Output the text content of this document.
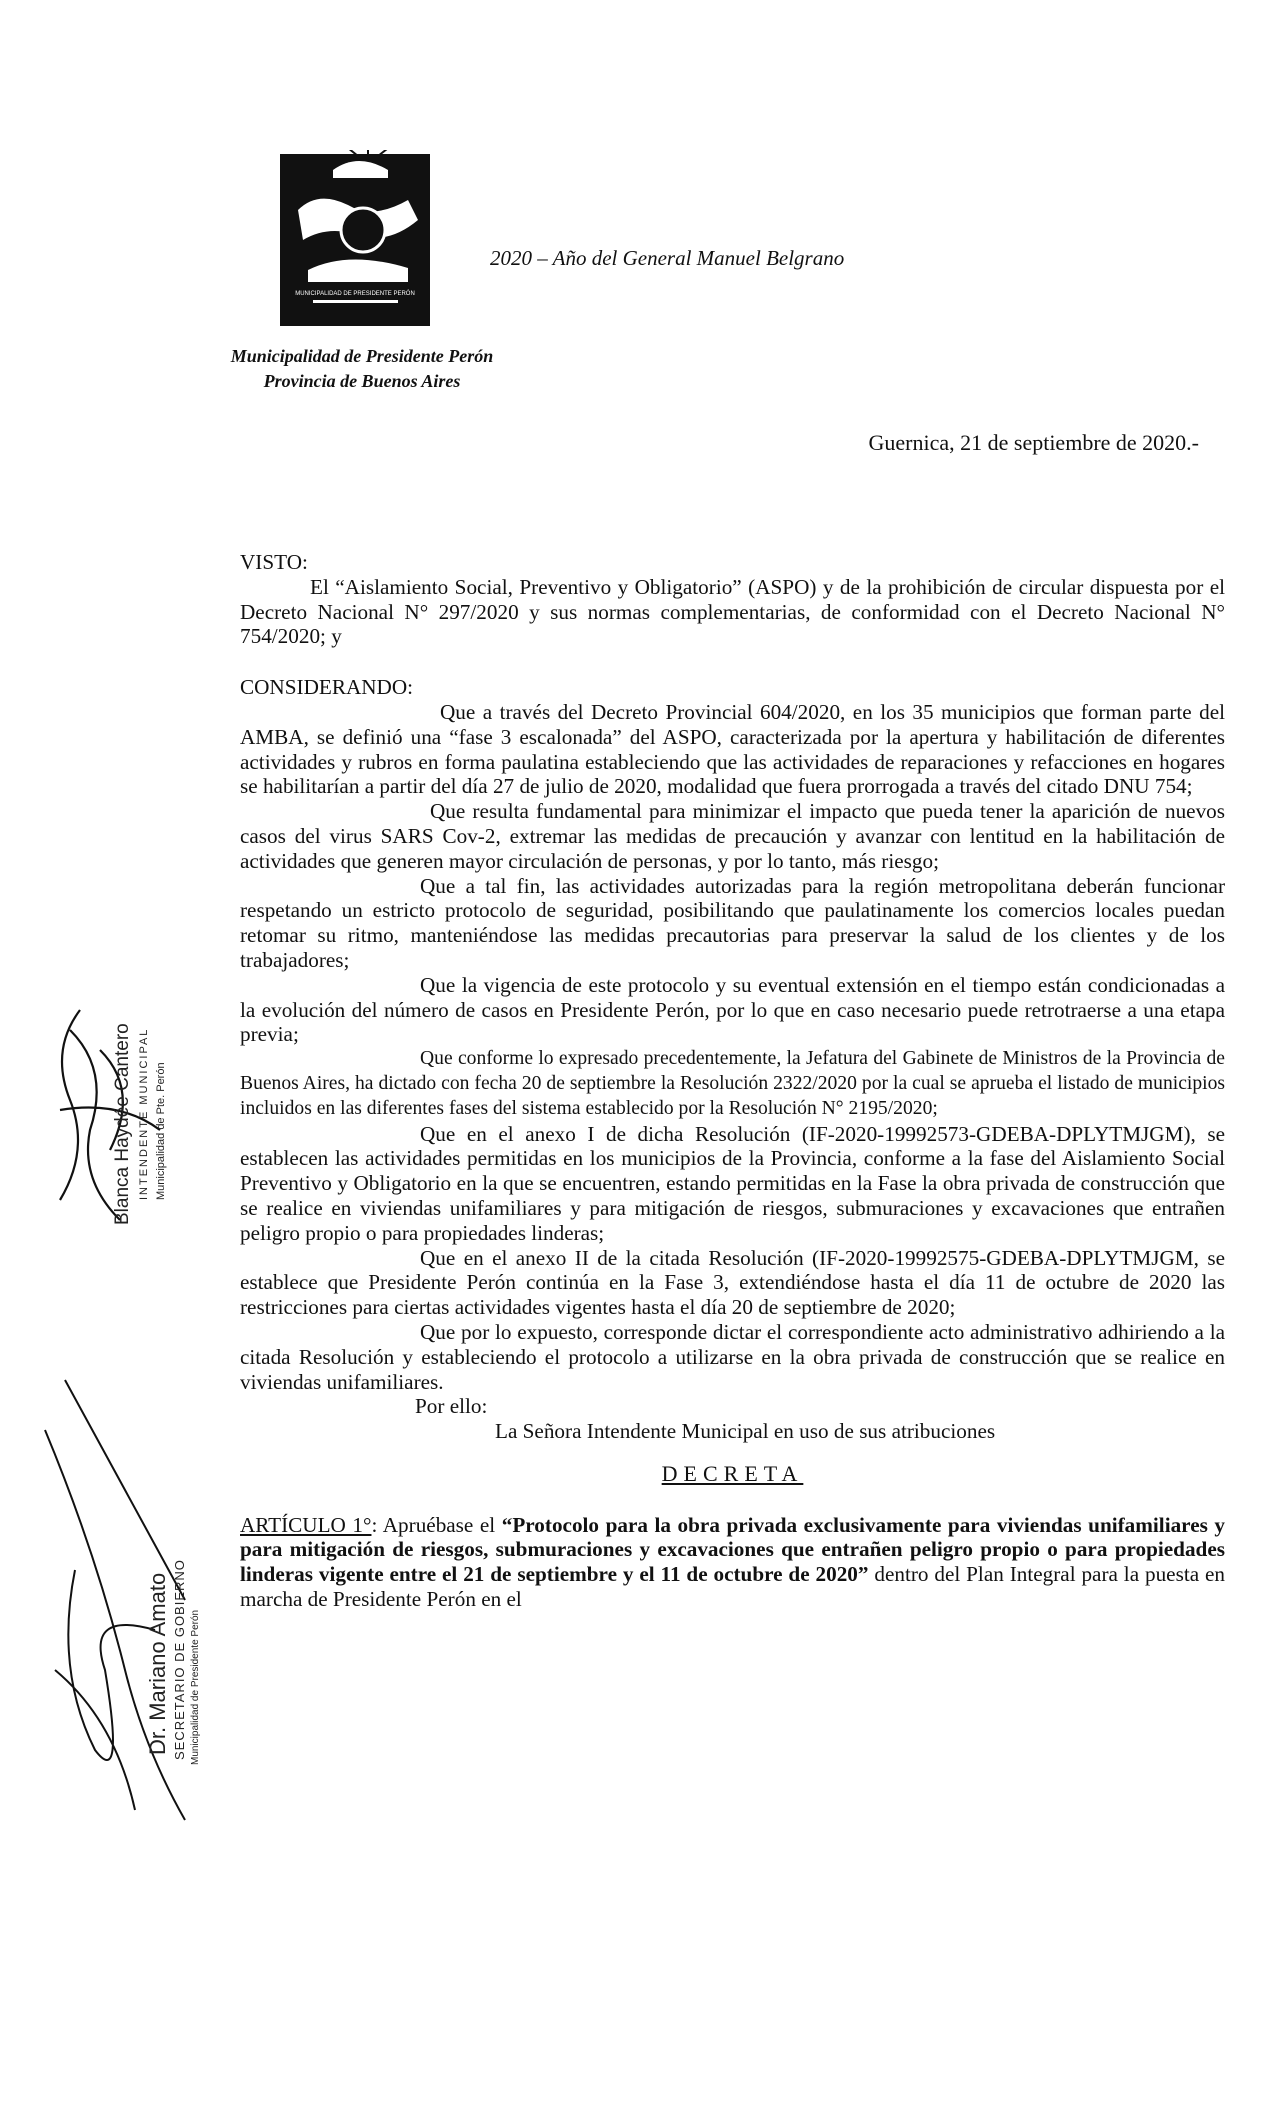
MUNICIPALIDAD DE PRESIDENTE PERÓN
2020 – Año del General Manuel Belgrano
Municipalidad de Presidente Perón
Provincia de Buenos Aires
Guernica, 21 de septiembre de 2020.-
Blanca Haydée Cantero INTENDENTE MUNICIPAL Municipalidad de Pte. Perón
Dr. Mariano Amato SECRETARIO DE GOBIERNO Municipalidad de Presidente Perón

VISTO:

El “Aislamiento Social, Preventivo y Obligatorio” (ASPO) y de la prohibición de circular dispuesta por el Decreto Nacional N° 297/2020 y sus normas complementarias, de conformidad con el Decreto Nacional N° 754/2020; y

CONSIDERANDO:

Que a través del Decreto Provincial 604/2020, en los 35 municipios que forman parte del AMBA, se definió una “fase 3 escalonada” del ASPO, caracterizada por la apertura y habilitación de diferentes actividades y rubros en forma paulatina estableciendo que las actividades de reparaciones y refacciones en hogares se habilitarían a partir del día 27 de julio de 2020, modalidad que fuera prorrogada a través del citado DNU 754;

Que resulta fundamental para minimizar el impacto que pueda tener la aparición de nuevos casos del virus SARS Cov-2, extremar las medidas de precaución y avanzar con lentitud en la habilitación de actividades que generen mayor circulación de personas, y por lo tanto, más riesgo;

Que a tal fin, las actividades autorizadas para la región metropolitana deberán funcionar respetando un estricto protocolo de seguridad, posibilitando que paulatinamente los comercios locales puedan retomar su ritmo, manteniéndose las medidas precautorias para preservar la salud de los clientes y de los trabajadores;

Que la vigencia de este protocolo y su eventual extensión en el tiempo están condicionadas a la evolución del número de casos en Presidente Perón, por lo que en caso necesario puede retrotraerse a una etapa previa;

Que conforme lo expresado precedentemente, la Jefatura del Gabinete de Ministros de la Provincia de Buenos Aires, ha dictado con fecha 20 de septiembre la Resolución 2322/2020 por la cual se aprueba el listado de municipios incluidos en las diferentes fases del sistema establecido por la Resolución N° 2195/2020;

Que en el anexo I de dicha Resolución (IF-2020-19992573-GDEBA-DPLYTMJGM), se establecen las actividades permitidas en los municipios de la Provincia, conforme a la fase del Aislamiento Social Preventivo y Obligatorio en la que se encuentren, estando permitidas en la Fase la obra privada de construcción que se realice en viviendas unifamiliares y para mitigación de riesgos, submuraciones y excavaciones que entrañen peligro propio o para propiedades linderas;

Que en el anexo II de la citada Resolución (IF-2020-19992575-GDEBA-DPLYTMJGM, se establece que Presidente Perón continúa en la Fase 3, extendiéndose hasta el día 11 de octubre de 2020 las restricciones para ciertas actividades vigentes hasta el día 20 de septiembre de 2020;

Que por lo expuesto, corresponde dictar el correspondiente acto administrativo adhiriendo a la citada Resolución y estableciendo el protocolo a utilizarse en la obra privada de construcción que se realice en viviendas unifamiliares.

Por ello:

La Señora Intendente Municipal en uso de sus atribuciones

DECRETA

ARTÍCULO 1°: Apruébase el “Protocolo para la obra privada exclusivamente para viviendas unifamiliares y para mitigación de riesgos, submuraciones y excavaciones que entrañen peligro propio o para propiedades linderas vigente entre el 21 de septiembre y el 11 de octubre de 2020” dentro del Plan Integral para la puesta en marcha de Presidente Perón en el
